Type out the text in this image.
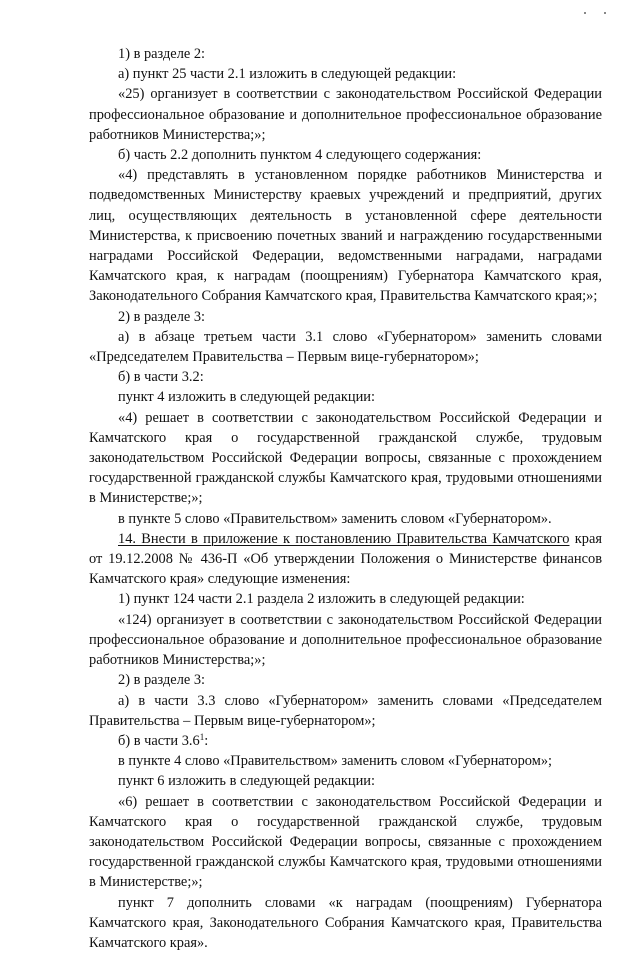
1) в разделе 2:

а) пункт 25 части 2.1 изложить в следующей редакции:

«25) организует в соответствии с законодательством Российской Федерации профессиональное образование и дополнительное профессиональное образование работников Министерства;»;

б) часть 2.2 дополнить пунктом 4 следующего содержания:

«4) представлять в установленном порядке работников Министерства и подведомственных Министерству краевых учреждений и предприятий, других лиц, осуществляющих деятельность в установленной сфере деятельности Министерства, к присвоению почетных званий и награждению государственными наградами Российской Федерации, ведомственными наградами, наградами Камчатского края, к наградам (поощрениям) Губернатора Камчатского края, Законодательного Собрания Камчатского края, Правительства Камчатского края;»;

2) в разделе 3:

а) в абзаце третьем части 3.1 слово «Губернатором» заменить словами «Председателем Правительства – Первым вице-губернатором»;

б) в части 3.2:

пункт 4 изложить в следующей редакции:

«4) решает в соответствии с законодательством Российской Федерации и Камчатского края о государственной гражданской службе, трудовым законодательством Российской Федерации вопросы, связанные с прохождением государственной гражданской службы Камчатского края, трудовыми отношениями в Министерстве;»;

в пункте 5 слово «Правительством» заменить словом «Губернатором».

14. Внести в приложение к постановлению Правительства Камчатского края от 19.12.2008 № 436-П «Об утверждении Положения о Министерстве финансов Камчатского края» следующие изменения:

1) пункт 124 части 2.1 раздела 2 изложить в следующей редакции:

«124) организует в соответствии с законодательством Российской Федерации профессиональное образование и дополнительное профессиональное образование работников Министерства;»;

2) в разделе 3:

а) в части 3.3 слово «Губернатором» заменить словами «Председателем Правительства – Первым вице-губернатором»;

б) в части $3.6^1$:

в пункте 4 слово «Правительством» заменить словом «Губернатором»;

пункт 6 изложить в следующей редакции:

«6) решает в соответствии с законодательством Российской Федерации и Камчатского края о государственной гражданской службе, трудовым законодательством Российской Федерации вопросы, связанные с прохождением государственной гражданской службы Камчатского края, трудовыми отношениями в Министерстве;»;

пункт 7 дополнить словами «к наградам (поощрениям) Губернатора Камчатского края, Законодательного Собрания Камчатского края, Правительства Камчатского края».
